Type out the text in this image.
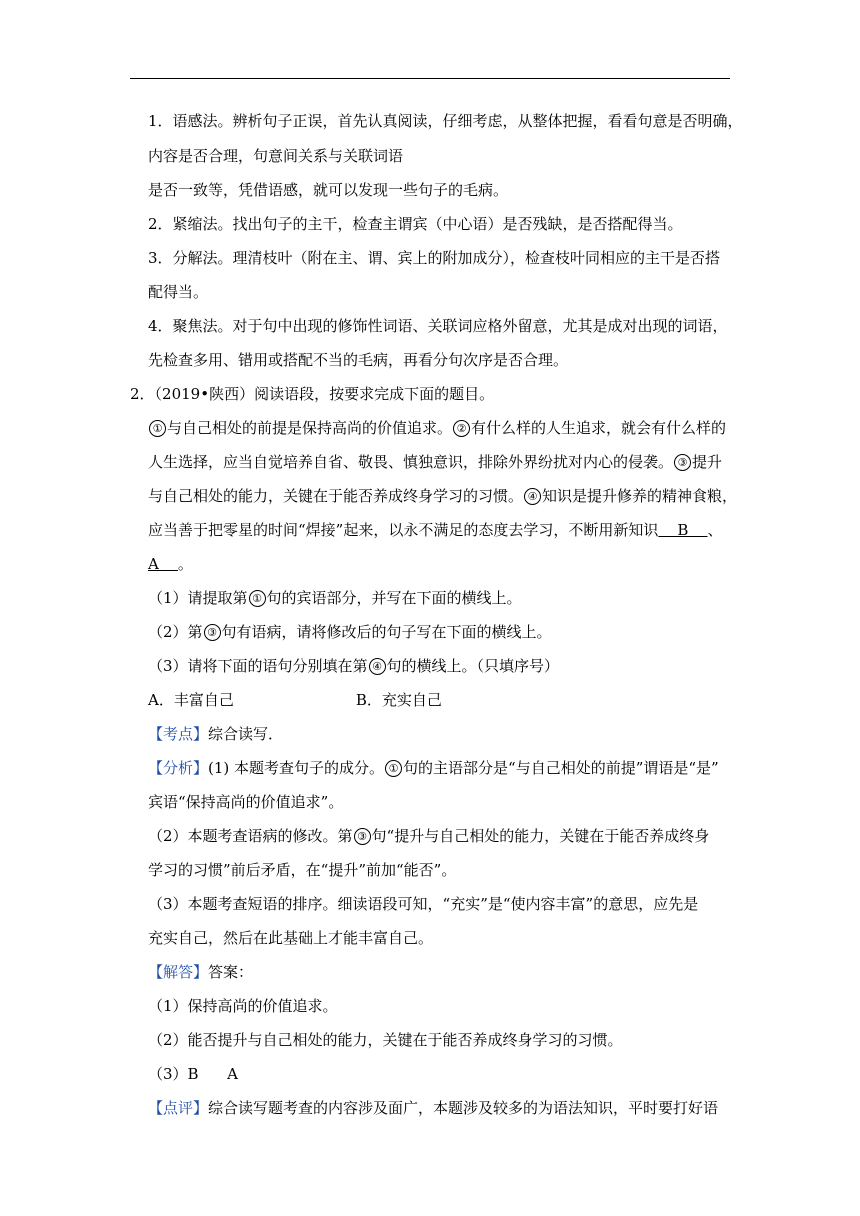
1．语感法。辨析句子正误，首先认真阅读，仔细考虑，从整体把握，看看句意是否明确，
内容是否合理，句意间关系与关联词语
是否一致等，凭借语感，就可以发现一些句子的毛病。
2．紧缩法。找出句子的主干，检查主谓宾（中心语）是否残缺，是否搭配得当。
3．分解法。理清枝叶（附在主、谓、宾上的附加成分），检查枝叶同相应的主干是否搭
配得当。
4．聚焦法。对于句中出现的修饰性词语、关联词应格外留意，尤其是成对出现的词语，
先检查多用、错用或搭配不当的毛病，再看分句次序是否合理。
2．（2019•陕西）阅读语段，按要求完成下面的题目。
① 与自己相处的前提是保持高尚的价值追求。 ② 有什么样的人生追求，就会有什么样的
人生选择，应当自觉培养自省、敬畏、慎独意识，排除外界纷扰对内心的侵袭。 ③ 提升
与自己相处的能力，关键在于能否养成终身学习的习惯。 ④ 知识是提升修养的精神食粮，
应当善于把零星的时间“焊接”起来，以永不满足的态度去学习，不断用新知识    B    、
A    。
（1）请提取第 ① 句的宾语部分，并写在下面的横线上。
（2）第 ③ 句有语病，请将修改后的句子写在下面的横线上。
（3）请将下面的语句分别填在第 ④ 句的横线上。（只填序号）
A．丰富自己	B．充实自己
【考点】综合读写．
【分析】(1) 本题考查句子的成分。 ① 句的主语部分是“与自己相处的前提”谓语是“是”
宾语“保持高尚的价值追求”。
（2）本题考查语病的修改。第 ③ 句“提升与自己相处的能力，关键在于能否养成终身
学习的习惯”前后矛盾，在“提升”前加“能否”。
（3）本题考查短语的排序。细读语段可知，“充实”是“使内容丰富”的意思，应先是
充实自己，然后在此基础上才能丰富自己。
【解答】答案：
（1）保持高尚的价值追求。
（2）能否提升与自己相处的能力，关键在于能否养成终身学习的习惯。
（3）B      A
【点评】综合读写题考查的内容涉及面广，本题涉及较多的为语法知识，平时要打好语
